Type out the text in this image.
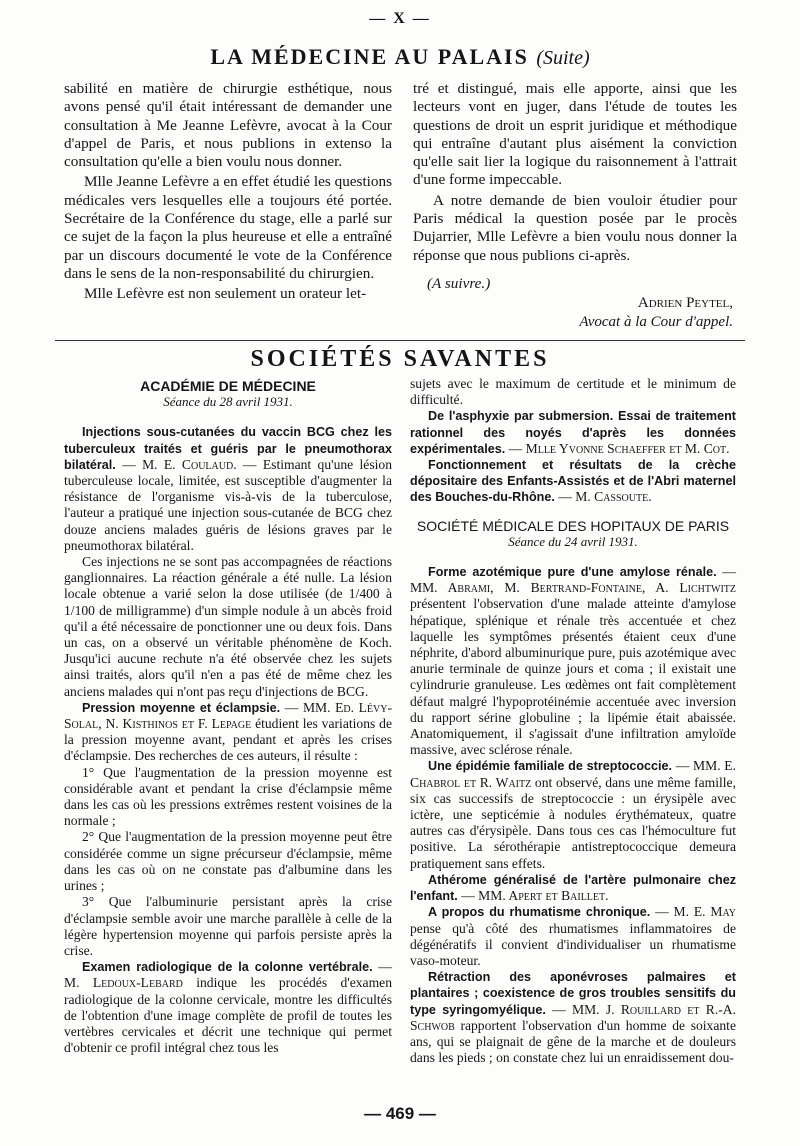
— X —
LA MÉDECINE AU PALAIS (Suite)

sabilité en matière de chirurgie esthétique, nous avons pensé qu'il était intéressant de demander une consultation à Me Jeanne Lefèvre, avocat à la Cour d'appel de Paris, et nous publions in extenso la consultation qu'elle a bien voulu nous donner.

Mlle Jeanne Lefèvre a en effet étudié les questions médicales vers lesquelles elle a toujours été portée. Secrétaire de la Conférence du stage, elle a parlé sur ce sujet de la façon la plus heureuse et elle a entraîné par un discours documenté le vote de la Conférence dans le sens de la non-responsabilité du chirurgien.

Mlle Lefèvre est non seulement un orateur let-

tré et distingué, mais elle apporte, ainsi que les lecteurs vont en juger, dans l'étude de toutes les questions de droit un esprit juridique et méthodique qui entraîne d'autant plus aisément la conviction qu'elle sait lier la logique du raisonnement à l'attrait d'une forme impeccable.

A notre demande de bien vouloir étudier pour Paris médical la question posée par le procès Dujarrier, Mlle Lefèvre a bien voulu nous donner la réponse que nous publions ci-après.

(A suivre.)

Adrien Peytel,
Avocat à la Cour d'appel.
SOCIÉTÉS SAVANTES
ACADÉMIE DE MÉDECINE
Séance du 28 avril 1931.

Injections sous-cutanées du vaccin BCG chez les tuberculeux traités et guéris par le pneumothorax bilatéral. — M. E. Coulaud. — Estimant qu'une lésion tuberculeuse locale, limitée, est susceptible d'augmenter la résistance de l'organisme vis-à-vis de la tuberculose, l'auteur a pratiqué une injection sous-cutanée de BCG chez douze anciens malades guéris de lésions graves par le pneumothorax bilatéral.

Ces injections ne se sont pas accompagnées de réactions ganglionnaires. La réaction générale a été nulle. La lésion locale obtenue a varié selon la dose utilisée (de 1/400 à 1/100 de milligramme) d'un simple nodule à un abcès froid qu'il a été nécessaire de ponctionner une ou deux fois. Dans un cas, on a observé un véritable phénomène de Koch. Jusqu'ici aucune rechute n'a été observée chez les sujets ainsi traités, alors qu'il n'en a pas été de même chez les anciens malades qui n'ont pas reçu d'injections de BCG.

Pression moyenne et éclampsie. — MM. Ed. Lévy-Solal, N. Kisthinos et F. Lepage étudient les variations de la pression moyenne avant, pendant et après les crises d'éclampsie. Des recherches de ces auteurs, il résulte :

1° Que l'augmentation de la pression moyenne est considérable avant et pendant la crise d'éclampsie même dans les cas où les pressions extrêmes restent voisines de la normale ;

2° Que l'augmentation de la pression moyenne peut être considérée comme un signe précurseur d'éclampsie, même dans les cas où on ne constate pas d'albumine dans les urines ;

3° Que l'albuminurie persistant après la crise d'éclampsie semble avoir une marche parallèle à celle de la légère hypertension moyenne qui parfois persiste après la crise.

Examen radiologique de la colonne vertébrale. — M. Ledoux-Lebard indique les procédés d'examen radiologique de la colonne cervicale, montre les difficultés de l'obtention d'une image complète de profil de toutes les vertèbres cervicales et décrit une technique qui permet d'obtenir ce profil intégral chez tous les

sujets avec le maximum de certitude et le minimum de difficulté.

De l'asphyxie par submersion. Essai de traitement rationnel des noyés d'après les données expérimentales. — Mlle Yvonne Schaeffer et M. Cot.

Fonctionnement et résultats de la crèche dépositaire des Enfants-Assistés et de l'Abri maternel des Bouches-du-Rhône. — M. Cassoute.

SOCIÉTÉ MÉDICALE DES HOPITAUX DE PARIS
Séance du 24 avril 1931.

Forme azotémique pure d'une amylose rénale. — MM. Abrami, M. Bertrand-Fontaine, A. Lichtwitz présentent l'observation d'une malade atteinte d'amylose hépatique, splénique et rénale très accentuée et chez laquelle les symptômes présentés étaient ceux d'une néphrite, d'abord albuminurique pure, puis azotémique avec anurie terminale de quinze jours et coma ; il existait une cylindrurie granuleuse. Les œdèmes ont fait complètement défaut malgré l'hypoprotéinémie accentuée avec inversion du rapport sérine globuline ; la lipémie était abaissée. Anatomiquement, il s'agissait d'une infiltration amyloïde massive, avec sclérose rénale.

Une épidémie familiale de streptococcie. — MM. E. Chabrol et R. Waitz ont observé, dans une même famille, six cas successifs de streptococcie : un érysipèle avec ictère, une septicémie à nodules érythémateux, quatre autres cas d'érysipèle. Dans tous ces cas l'hémoculture fut positive. La sérothérapie antistreptococcique demeura pratiquement sans effets.

Athérome généralisé de l'artère pulmonaire chez l'enfant. — MM. Apert et Baillet.

A propos du rhumatisme chronique. — M. E. May pense qu'à côté des rhumatismes inflammatoires de dégénératifs il convient d'individualiser un rhumatisme vaso-moteur.

Rétraction des aponévroses palmaires et plantaires ; coexistence de gros troubles sensitifs du type syringomyélique. — MM. J. Rouillard et R.-A. Schwob rapportent l'observation d'un homme de soixante ans, qui se plaignait de gêne de la marche et de douleurs dans les pieds ; on constate chez lui un enraidissement dou-

— 469 —
